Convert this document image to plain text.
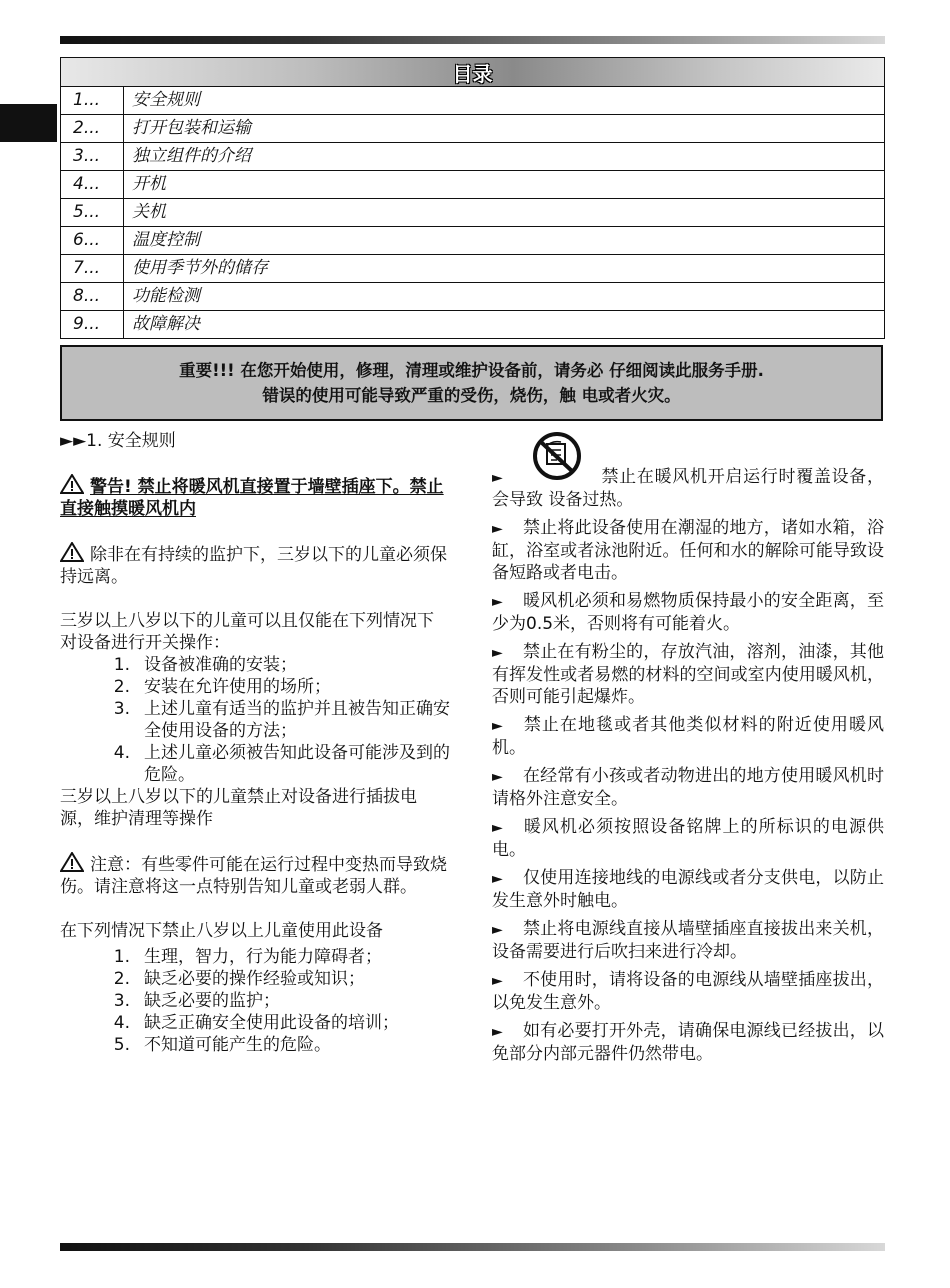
目录
1...	安全规则
2...	打开包装和运输
3...	独立组件的介绍
4...	开机
5...	关机
6...	温度控制
7...	使用季节外的储存
8...	功能检测
9...	故障解决
重要!!! 在您开始使用，修理，清理或维护设备前，请务必 仔细阅读此服务手册.
错误的使用可能导致严重的受伤，烧伤，触 电或者火灾。

►►1. 安全规则

警告! 禁止将暖风机直接置于墙壁插座下。禁止直接触摸暖风机内

除非在有持续的监护下，三岁以下的儿童必须保持远离。

三岁以上八岁以下的儿童可以且仅能在下列情况下对设备进行开关操作：

1. 设备被准确的安装；
2. 安装在允许使用的场所；
3. 上述儿童有适当的监护并且被告知正确安全使用设备的方法；
4. 上述儿童必须被告知此设备可能涉及到的危险。

三岁以上八岁以下的儿童禁止对设备进行插拔电源，维护清理等操作

注意：有些零件可能在运行过程中变热而导致烧伤。请注意将这一点特别告知儿童或老弱人群。

在下列情况下禁止八岁以上儿童使用此设备

1. 生理，智力，行为能力障碍者；
2. 缺乏必要的操作经验或知识；
3. 缺乏必要的监护；
4. 缺乏正确安全使用此设备的培训；
5. 不知道可能产生的危险。

►	禁止在暖风机开启运行时覆盖设备，会导致 设备过热。

► 禁止将此设备使用在潮湿的地方，诸如水箱，浴缸，浴室或者泳池附近。任何和水的解除可能导致设备短路或者电击。

► 暖风机必须和易燃物质保持最小的安全距离，至少为0.5米，否则将有可能着火。

► 禁止在有粉尘的，存放汽油，溶剂，油漆，其他有挥发性或者易燃的材料的空间或室内使用暖风机，否则可能引起爆炸。

► 禁止在地毯或者其他类似材料的附近使用暖风机。

► 在经常有小孩或者动物进出的地方使用暖风机时请格外注意安全。

► 暖风机必须按照设备铭牌上的所标识的电源供电。

► 仅使用连接地线的电源线或者分支供电，以防止发生意外时触电。

► 禁止将电源线直接从墙壁插座直接拔出来关机，设备需要进行后吹扫来进行冷却。

► 不使用时，请将设备的电源线从墙壁插座拔出，以免发生意外。

► 如有必要打开外壳，请确保电源线已经拔出，以免部分内部元器件仍然带电。
